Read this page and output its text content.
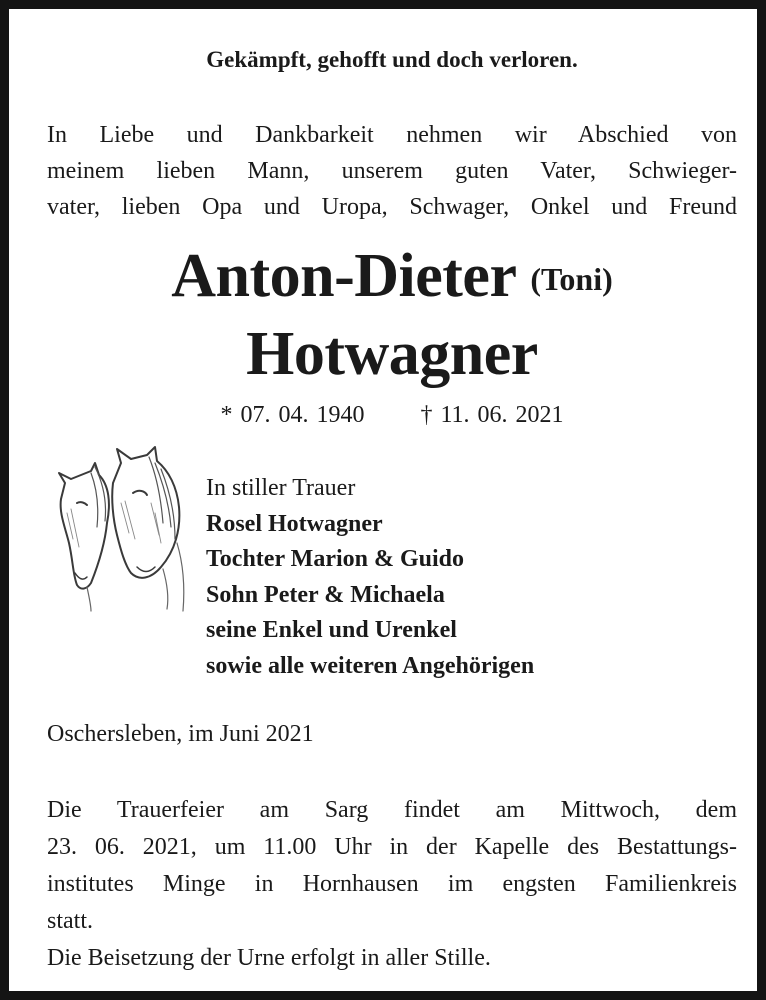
Gekämpft, gehofft und doch verloren.
In Liebe und Dankbarkeit nehmen wir Abschied von
meinem lieben Mann, unserem guten Vater, Schwieger-
vater, lieben Opa und Uropa, Schwager, Onkel und Freund
Anton-Dieter (Toni)
Hotwagner
* 07. 04. 1940 † 11. 06. 2021
In stiller Trauer
Rosel Hotwagner
Tochter Marion & Guido
Sohn Peter & Michaela
seine Enkel und Urenkel
sowie alle weiteren Angehörigen
Oschersleben, im Juni 2021
Die Trauerfeier am Sarg findet am Mittwoch, dem
23. 06. 2021, um 11.00 Uhr in der Kapelle des Bestattungs-
institutes Minge in Hornhausen im engsten Familienkreis
statt.
Die Beisetzung der Urne erfolgt in aller Stille.
